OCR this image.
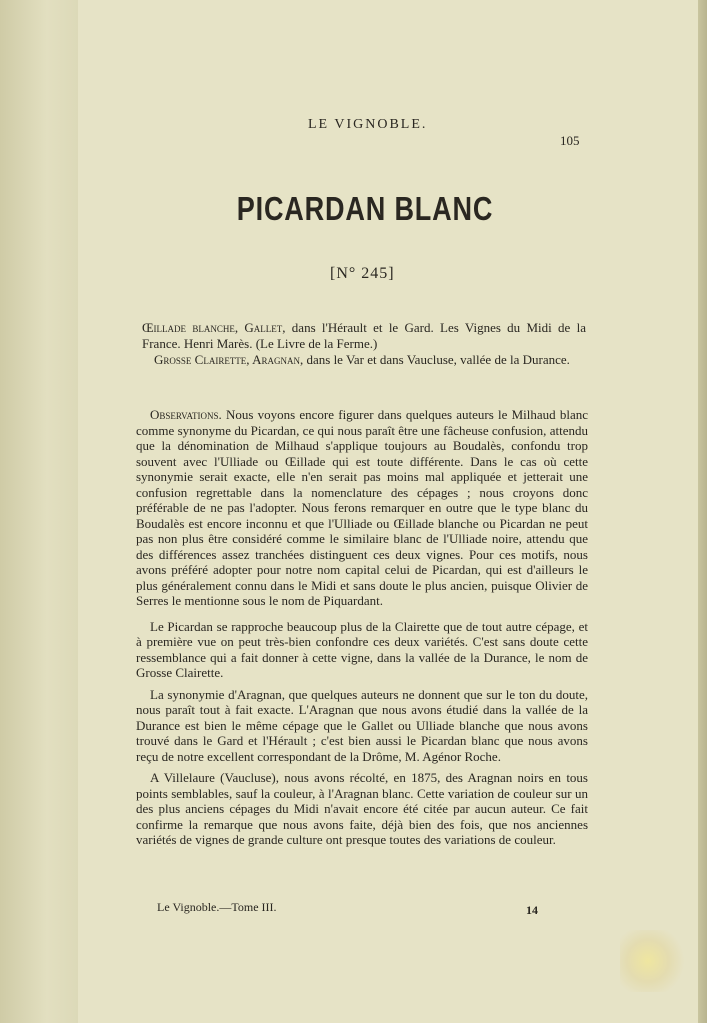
LE VIGNOBLE.
105
PICARDAN BLANC
[N° 245]
Œillade blanche, Gallet, dans l'Hérault et le Gard. Les Vignes du Midi de la France. Henri Marès. (Le Livre de la Ferme.)
Grosse Clairette, Aragnan, dans le Var et dans Vaucluse, vallée de la Durance.

Observations. Nous voyons encore figurer dans quelques auteurs le Milhaud blanc comme synonyme du Picardan, ce qui nous paraît être une fâcheuse confusion, attendu que la dénomination de Milhaud s'applique toujours au Boudalès, confondu trop souvent avec l'Ulliade ou Œillade qui est toute différente. Dans le cas où cette synonymie serait exacte, elle n'en serait pas moins mal appliquée et jetterait une confusion regrettable dans la nomenclature des cépages ; nous croyons donc préférable de ne pas l'adopter. Nous ferons remarquer en outre que le type blanc du Boudalès est encore inconnu et que l'Ulliade ou Œillade blanche ou Picardan ne peut pas non plus être considéré comme le similaire blanc de l'Ulliade noire, attendu que des différences assez tranchées distinguent ces deux vignes. Pour ces motifs, nous avons préféré adopter pour notre nom capital celui de Picardan, qui est d'ailleurs le plus généralement connu dans le Midi et sans doute le plus ancien, puisque Olivier de Serres le mentionne sous le nom de Piquardant.

Le Picardan se rapproche beaucoup plus de la Clairette que de tout autre cépage, et à première vue on peut très-bien confondre ces deux variétés. C'est sans doute cette ressemblance qui a fait donner à cette vigne, dans la vallée de la Durance, le nom de Grosse Clairette.

La synonymie d'Aragnan, que quelques auteurs ne donnent que sur le ton du doute, nous paraît tout à fait exacte. L'Aragnan que nous avons étudié dans la vallée de la Durance est bien le même cépage que le Gallet ou Ulliade blanche que nous avons trouvé dans le Gard et l'Hérault ; c'est bien aussi le Picardan blanc que nous avons reçu de notre excellent correspondant de la Drôme, M. Agénor Roche.

A Villelaure (Vaucluse), nous avons récolté, en 1875, des Aragnan noirs en tous points semblables, sauf la couleur, à l'Aragnan blanc. Cette variation de couleur sur un des plus anciens cépages du Midi n'avait encore été citée par aucun auteur. Ce fait confirme la remarque que nous avons faite, déjà bien des fois, que nos anciennes variétés de vignes de grande culture ont presque toutes des variations de couleur.

Le Vignoble.—Tome III.	14
